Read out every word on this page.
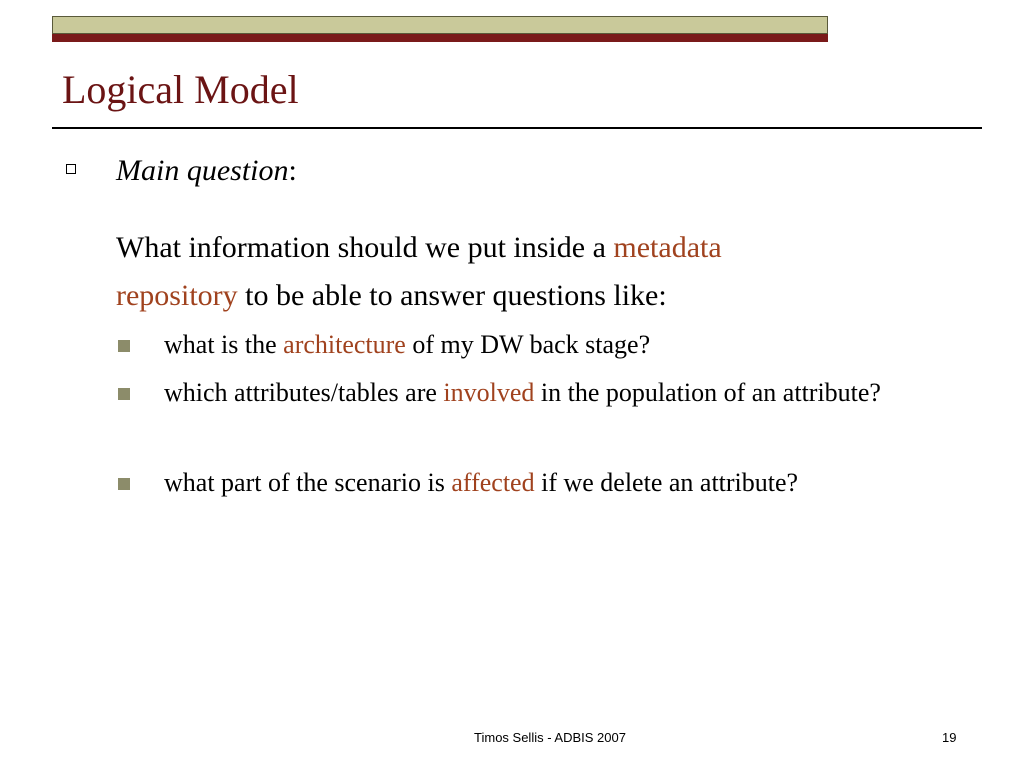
Logical Model
Main question:
What information should we put inside a metadata
repository to be able to answer questions like:
what is the architecture of my DW back stage?
which attributes/tables are involved in the population of an attribute?
what part of the scenario is affected if we delete an attribute?
Timos Sellis - ADBIS 2007	19
